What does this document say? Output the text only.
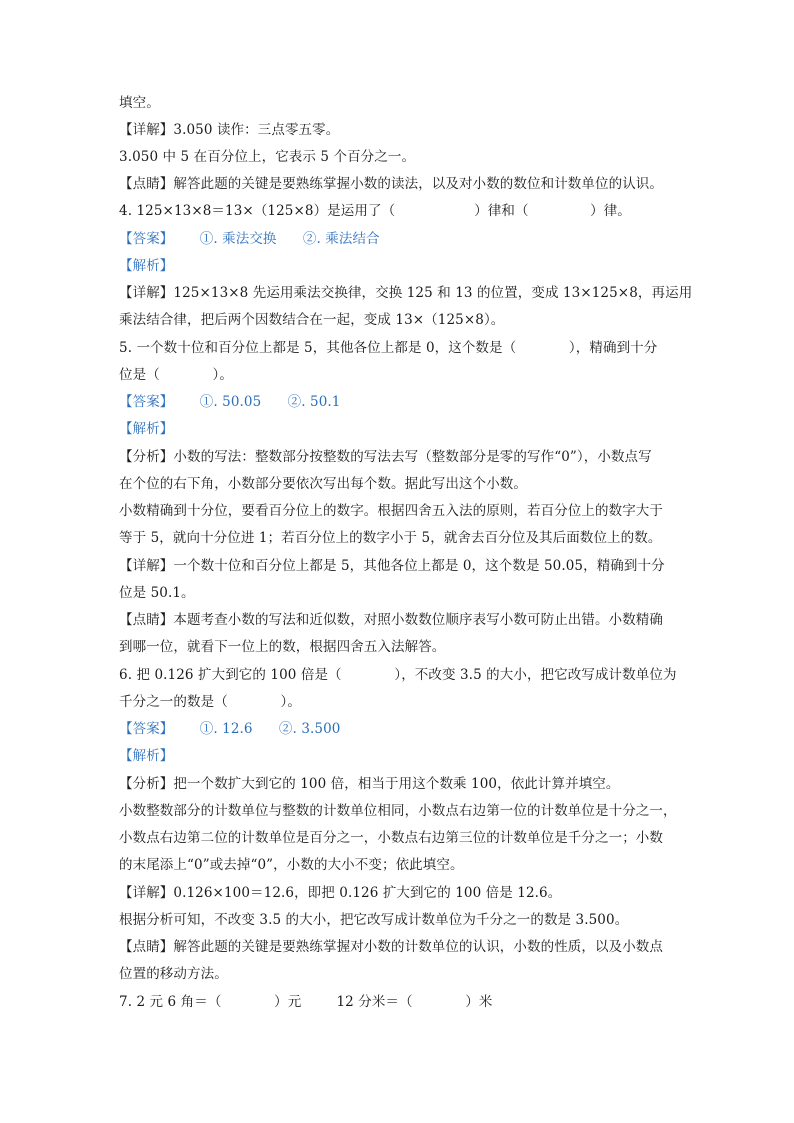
填空。
【详解】3.050 读作：三点零五零。
3.050 中 5 在百分位上，它表示 5 个百分之一。
【点睛】解答此题的关键是要熟练掌握小数的读法，以及对小数的数位和计数单位的认识。
4. 125×13×8＝13×（125×8）是运用了（                  ）律和（              ）律。
【答案】      ①. 乘法交换      ②. 乘法结合
【解析】
【详解】125×13×8 先运用乘法交换律，交换 125 和 13 的位置，变成 13×125×8，再运用
乘法结合律，把后两个因数结合在一起，变成 13×（125×8）。
5. 一个数十位和百分位上都是 5，其他各位上都是 0，这个数是（            ），精确到十分
位是（            ）。
【答案】      ①. 50.05      ②. 50.1
【解析】
【分析】小数的写法：整数部分按整数的写法去写（整数部分是零的写作“0”），小数点写
在个位的右下角，小数部分要依次写出每个数。据此写出这个小数。
小数精确到十分位，要看百分位上的数字。根据四舍五入法的原则，若百分位上的数字大于
等于 5，就向十分位进 1；若百分位上的数字小于 5，就舍去百分位及其后面数位上的数。
【详解】一个数十位和百分位上都是 5，其他各位上都是 0，这个数是 50.05，精确到十分
位是 50.1。
【点睛】本题考查小数的写法和近似数，对照小数数位顺序表写小数可防止出错。小数精确
到哪一位，就看下一位上的数，根据四舍五入法解答。
6. 把 0.126 扩大到它的 100 倍是（            ），不改变 3.5 的大小，把它改写成计数单位为
千分之一的数是（            ）。
【答案】      ①. 12.6      ②. 3.500
【解析】
【分析】把一个数扩大到它的 100 倍，相当于用这个数乘 100，依此计算并填空。
小数整数部分的计数单位与整数的计数单位相同，小数点右边第一位的计数单位是十分之一，
小数点右边第二位的计数单位是百分之一，小数点右边第三位的计数单位是千分之一；小数
的末尾添上“0”或去掉“0”，小数的大小不变；依此填空。
【详解】0.126×100＝12.6，即把 0.126 扩大到它的 100 倍是 12.6。
根据分析可知，不改变 3.5 的大小，把它改写成计数单位为千分之一的数是 3.500。
【点睛】解答此题的关键是要熟练掌握对小数的计数单位的认识，小数的性质，以及小数点
位置的移动方法。
7. 2 元 6 角＝（            ）元        12 分米＝（            ）米
